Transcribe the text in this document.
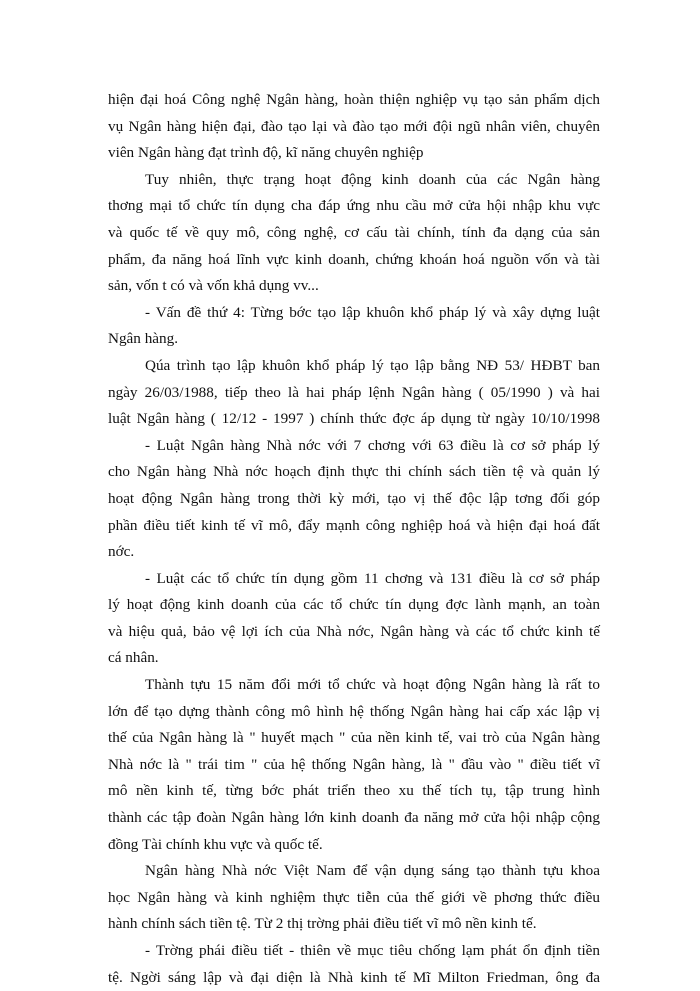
hiện đại hoá Công nghệ Ngân hàng, hoàn thiện nghiệp vụ tạo sản phẩm dịch
vụ Ngân hàng hiện đại, đào tạo lại và đào tạo mới đội ngũ nhân viên, chuyên
viên Ngân hàng đạt trình độ, kĩ năng chuyên nghiệp
Tuy nhiên, thực trạng hoạt động kinh doanh của các Ngân hàng
thơng mại tổ chức tín dụng cha đáp ứng nhu cầu mở cửa hội nhập khu vực
và quốc tế về quy mô, công nghệ, cơ cấu tài chính, tính đa dạng của sản
phẩm, đa năng hoá lĩnh vực kinh doanh, chứng khoán hoá nguồn vốn và tài
sản, vốn t có và vốn khả dụng vv...
- Vấn đề thứ 4: Từng bớc tạo lập khuôn khổ pháp lý và xây dựng luật
Ngân hàng.
Qúa trình tạo lập khuôn khổ pháp lý tạo lập bằng NĐ 53/ HĐBT ban
ngày 26/03/1988, tiếp theo là hai pháp lệnh Ngân hàng ( 05/1990 ) và hai
luật Ngân hàng ( 12/12 - 1997 ) chính thức đợc áp dụng từ ngày 10/10/1998
- Luật Ngân hàng Nhà nớc với 7 chơng với 63 điều là cơ sở pháp lý
cho Ngân hàng Nhà nớc hoạch định thực thi chính sách tiền tệ và quản lý
hoạt động Ngân hàng trong thời kỳ mới, tạo vị thế độc lập tơng đối góp
phần điều tiết kinh tế vĩ mô, đẩy mạnh công nghiệp hoá và hiện đại hoá đất
nớc.
- Luật các tổ chức tín dụng gồm 11 chơng và 131 điều là cơ sở pháp
lý hoạt động kinh doanh của các tổ chức tín dụng đợc lành mạnh, an toàn
và hiệu quả, bảo vệ lợi ích của Nhà nớc, Ngân hàng và các tổ chức kinh tế
cá nhân.
Thành tựu 15 năm đổi mới tổ chức và hoạt động Ngân hàng là rất to
lớn để tạo dựng thành công mô hình hệ thống Ngân hàng hai cấp xác lập vị
thế của Ngân hàng là " huyết mạch " của nền kinh tế, vai trò của Ngân hàng
Nhà nớc là " trái tim " của hệ thống Ngân hàng, là " đầu vào " điều tiết vĩ
mô nền kinh tế, từng bớc phát triển theo xu thế tích tụ, tập trung hình
thành các tập đoàn Ngân hàng lớn kinh doanh đa năng mở cửa hội nhập cộng
đồng Tài chính khu vực và quốc tế.
Ngân hàng Nhà nớc Việt Nam để vận dụng sáng tạo thành tựu khoa
học Ngân hàng và kinh nghiệm thực tiễn của thế giới về phơng thức điều
hành chính sách tiền tệ. Từ 2 thị trờng phải điều tiết vĩ mô nền kinh tế.
- Trờng phái điều tiết - thiên về mục tiêu chống lạm phát ổn định tiền
tệ. Ngời sáng lập và đại diện là Nhà kinh tế Mĩ Milton Friedman, ông đa
